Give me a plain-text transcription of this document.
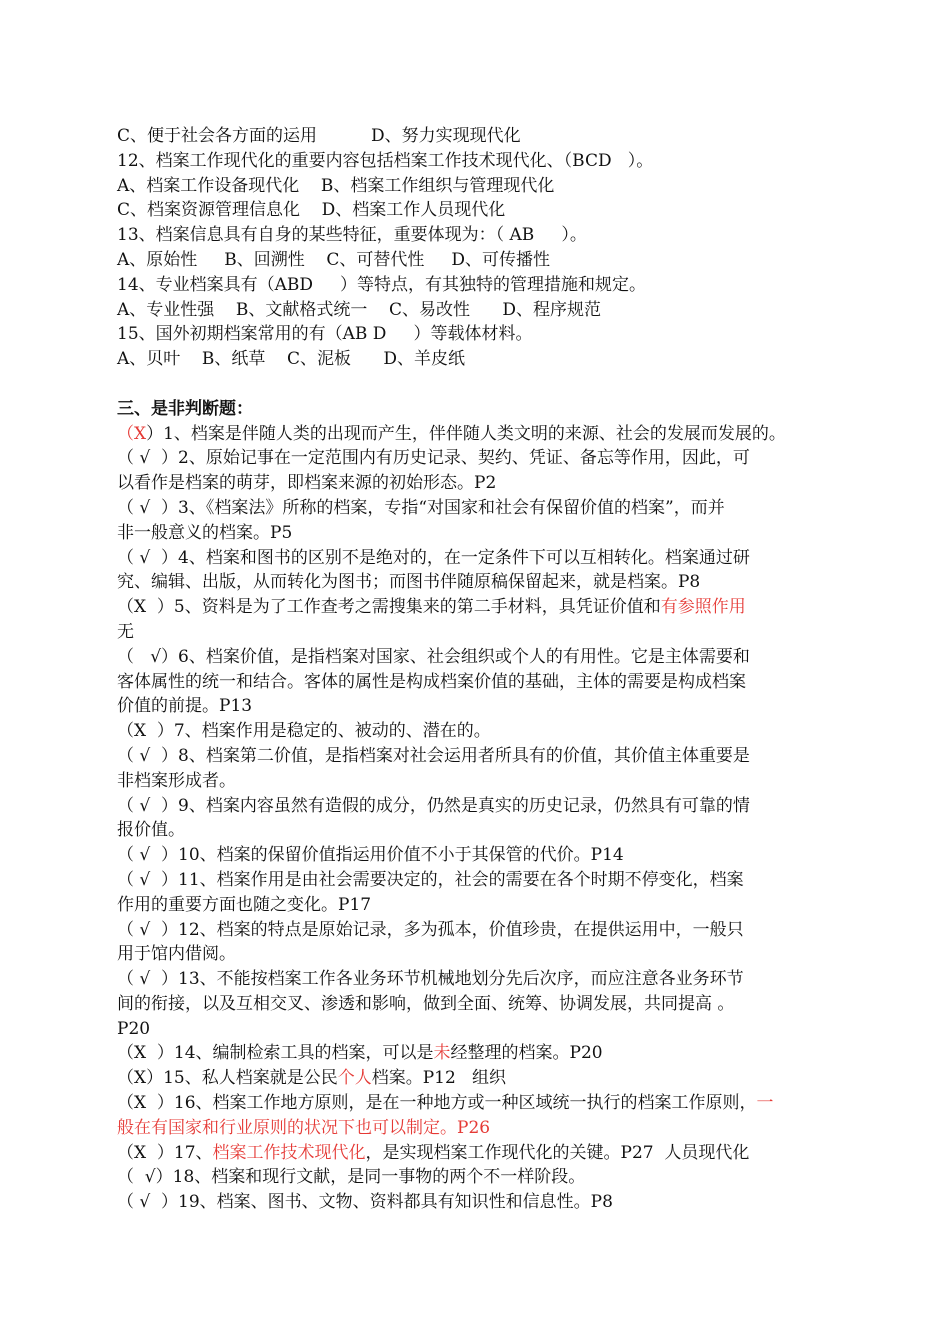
C、便于社会各方面的运用          D、努力实现现代化
12、档案工作现代化的重要内容包括档案工作技术现代化、（BCD   ）。
A、档案工作设备现代化    B、档案工作组织与管理现代化
C、档案资源管理信息化    D、档案工作人员现代化
13、档案信息具有自身的某些特征，重要体现为：（ AB     ）。
A、原始性     B、回溯性    C、可替代性     D、可传播性
14、专业档案具有（ABD     ）等特点，有其独特的管理措施和规定。
A、专业性强    B、文献格式统一    C、易改性      D、程序规范
15、国外初期档案常用的有（AB D     ）等载体材料。
A、贝叶    B、纸草    C、泥板      D、羊皮纸
三、是非判断题：
（X）1、档案是伴随人类的出现而产生，伴伴随人类文明的来源、社会的发展而发展的。
（ √  ）2、原始记事在一定范围内有历史记录、契约、凭证、备忘等作用，因此，可
以看作是档案的萌芽，即档案来源的初始形态。P2
（ √  ）3、《档案法》所称的档案，专指“对国家和社会有保留价值的档案”，而并
非一般意义的档案。P5
（ √  ）4、档案和图书的区别不是绝对的，在一定条件下可以互相转化。档案通过研
究、编辑、出版，从而转化为图书；而图书伴随原稿保留起来，就是档案。P8
（X  ）5、资料是为了工作查考之需搜集来的第二手材料，具凭证价值和有参照作用
无
（   √）6、档案价值，是指档案对国家、社会组织或个人的有用性。它是主体需要和
客体属性的统一和结合。客体的属性是构成档案价值的基础，主体的需要是构成档案
价值的前提。P13
（X  ）7、档案作用是稳定的、被动的、潜在的。
（ √  ）8、档案第二价值，是指档案对社会运用者所具有的价值，其价值主体重要是
非档案形成者。
（ √  ）9、档案内容虽然有造假的成分，仍然是真实的历史记录，仍然具有可靠的情
报价值。
（ √  ）10、档案的保留价值指运用价值不小于其保管的代价。P14
（ √  ）11、档案作用是由社会需要决定的，社会的需要在各个时期不停变化，档案
作用的重要方面也随之变化。P17
（ √  ）12、档案的特点是原始记录，多为孤本，价值珍贵，在提供运用中，一般只
用于馆内借阅。
（ √  ）13、不能按档案工作各业务环节机械地划分先后次序，而应注意各业务环节
间的衔接，以及互相交叉、渗透和影响，做到全面、统筹、协调发展，共同提高 。
P20
（X  ）14、编制检索工具的档案，可以是未经整理的档案。P20
（X）15、私人档案就是公民个人档案。P12   组织
（X  ）16、档案工作地方原则，是在一种地方或一种区域统一执行的档案工作原则，一
般在有国家和行业原则的状况下也可以制定。P26
（X  ）17、档案工作技术现代化，是实现档案工作现代化的关键。P27  人员现代化
（  √）18、档案和现行文献，是同一事物的两个不一样阶段。
（ √  ）19、档案、图书、文物、资料都具有知识性和信息性。P8
